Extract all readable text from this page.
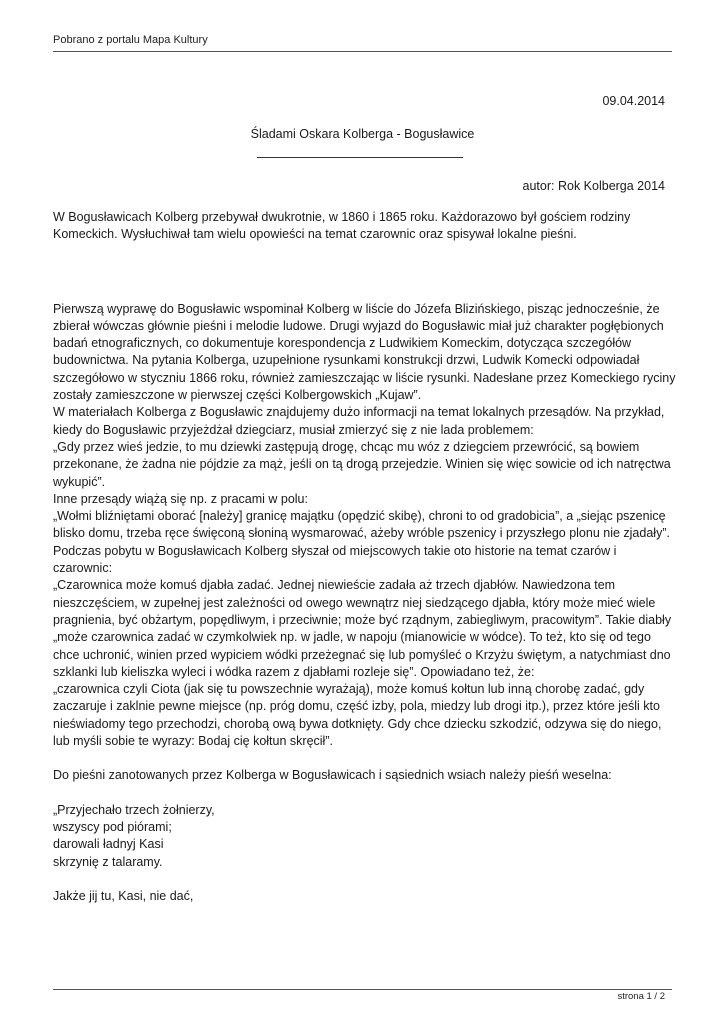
Pobrano z portalu Mapa Kultury
09.04.2014
Śladami Oskara Kolberga - Bogusławice
autor: Rok Kolberga 2014

W Bogusławicach Kolberg przebywał dwukrotnie, w 1860 i 1865 roku. Każdorazowo był gościem rodziny Komeckich. Wysłuchiwał tam wielu opowieści na temat czarownic oraz spisywał lokalne pieśni.

Pierwszą wyprawę do Bogusławic wspominał Kolberg w liście do Józefa Blizińskiego, pisząc jednocześnie, że zbierał wówczas głównie pieśni i melodie ludowe. Drugi wyjazd do Bogusławic miał już charakter pogłębionych badań etnograficznych, co dokumentuje korespondencja z Ludwikiem Komeckim, dotycząca szczegółów budownictwa. Na pytania Kolberga, uzupełnione rysunkami konstrukcji drzwi, Ludwik Komecki odpowiadał szczegółowo w styczniu 1866 roku, również zamieszczając w liście rysunki. Nadesłane przez Komeckiego ryciny zostały zamieszczone w pierwszej części Kolbergowskich „Kujaw”.

W materiałach Kolberga z Bogusławic znajdujemy dużo informacji na temat lokalnych przesądów. Na przykład, kiedy do Bogusławic przyjeżdżał dziegciarz, musiał zmierzyć się z nie lada problemem:

„Gdy przez wieś jedzie, to mu dziewki zastępują drogę, chcąc mu wóz z dziegciem przewrócić, są bowiem przekonane, że żadna nie pójdzie za mąż, jeśli on tą drogą przejedzie. Winien się więc sowicie od ich natręctwa wykupić”.

Inne przesądy wiążą się np. z pracami w polu:

„Wołmi bliźniętami oborać [należy] granicę majątku (opędzić skibę), chroni to od gradobicia”, a „siejąc pszenicę blisko domu, trzeba ręce święconą słoniną wysmarować, ażeby wróble pszenicy i przyszłego plonu nie zjadały”.

Podczas pobytu w Bogusławicach Kolberg słyszał od miejscowych takie oto historie na temat czarów i czarownic:

„Czarownica może komuś djabła zadać. Jednej niewieście zadała aż trzech djabłów. Nawiedzona tem nieszczęściem, w zupełnej jest zależności od owego wewnątrz niej siedzącego djabła, który może mieć wiele pragnienia, być obżartym, popędliwym, i przeciwnie; może być rządnym, zabiegliwym, pracowitym”. Takie diabły „może czarownica zadać w czymkolwiek np. w jadle, w napoju (mianowicie w wódce). To też, kto się od tego chce uchronić, winien przed wypiciem wódki przeżegnać się lub pomyśleć o Krzyżu świętym, a natychmiast dno szklanki lub kieliszka wyleci i wódka razem z djabłami rozleje się”. Opowiadano też, że:

„czarownica czyli Ciota (jak się tu powszechnie wyrażają), może komuś kołtun lub inną chorobę zadać, gdy zaczaruje i zaklnie pewne miejsce (np. próg domu, część izby, pola, miedzy lub drogi itp.), przez które jeśli kto nieświadomy tego przechodzi, chorobą ową bywa dotknięty. Gdy chce dziecku szkodzić, odzywa się do niego, lub myśli sobie te wyrazy: Bodaj cię kołtun skręcił”.

Do pieśni zanotowanych przez Kolberga w Bogusławicach i sąsiednich wsiach należy pieśń weselna:

„Przyjechało trzech żołnierzy,

wszyscy pod piórami;

darowali ładnyj Kasi

skrzynię z talaramy.

Jakże jij tu, Kasi, nie dać,

strona 1 / 2
